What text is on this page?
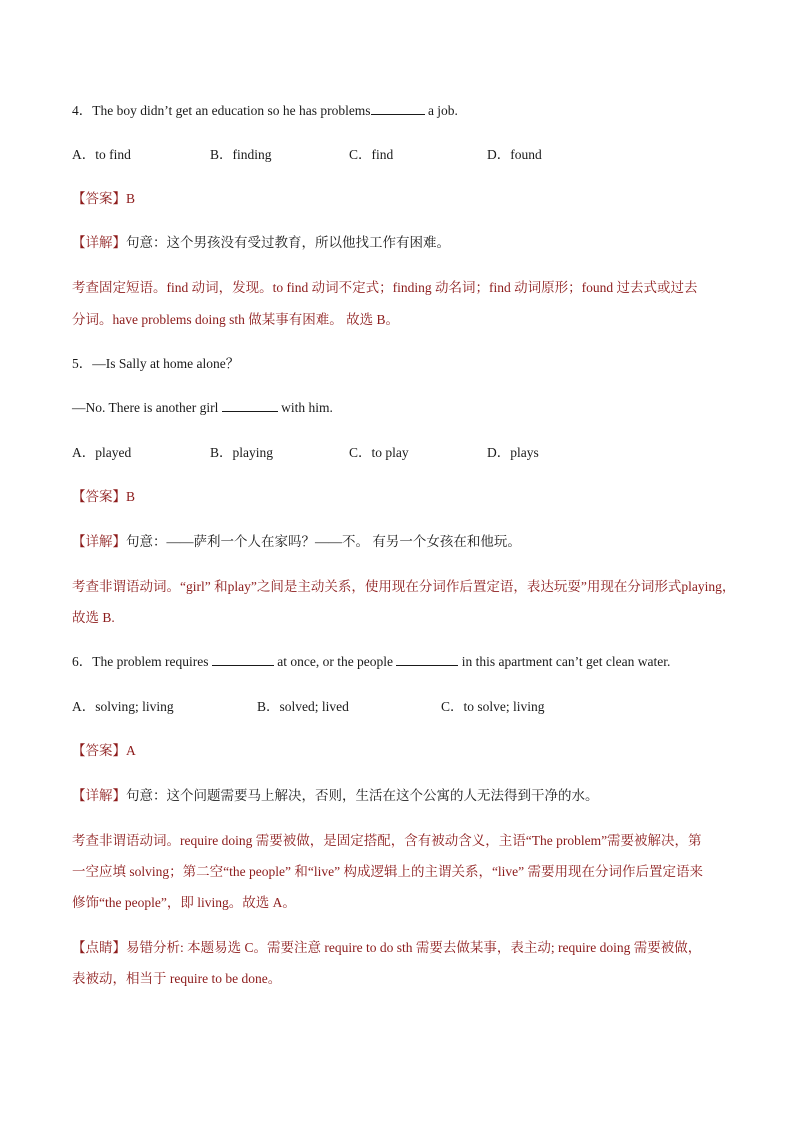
4．The boy didn’t get an education so he has problems	a job.
A．to find	B．finding	C．find	D．found
【答案】B
【详解】句意：这个男孩没有受过教育，所以他找工作有困难。
考查固定短语。find 动词，发现。to find 动词不定式；finding 动名词；find 动词原形；found 过去式或过去
分词。have problems doing sth 做某事有困难。 故选 B。
5．—Is Sally at home alone？
—No. There is another girl	with him.
A．played	B．playing	C．to play	D．plays
【答案】B
【详解】句意：——萨利一个人在家吗？——不。 有另一个女孩在和他玩。
考查非谓语动词。“girl” 和play”之间是主动关系，使用现在分词作后置定语，表达玩耍”用现在分词形式playing，
故选 B.
6．The problem requires	at once, or the people	in this apartment can’t get clean water.
A．solving; living	B．solved; lived	C．to solve; living
【答案】A
【详解】句意：这个问题需要马上解决，否则，生活在这个公寓的人无法得到干净的水。
考查非谓语动词。require doing 需要被做，是固定搭配，含有被动含义，主语“The problem”需要被解决，第
一空应填 solving；第二空“the people” 和“live” 构成逻辑上的主谓关系，“live” 需要用现在分词作后置定语来
修饰“the people”，即 living。故选 A。
【点睛】易错分析: 本题易选 C。需要注意 require to do sth 需要去做某事，表主动; require doing 需要被做，
表被动，相当于 require to be done。
